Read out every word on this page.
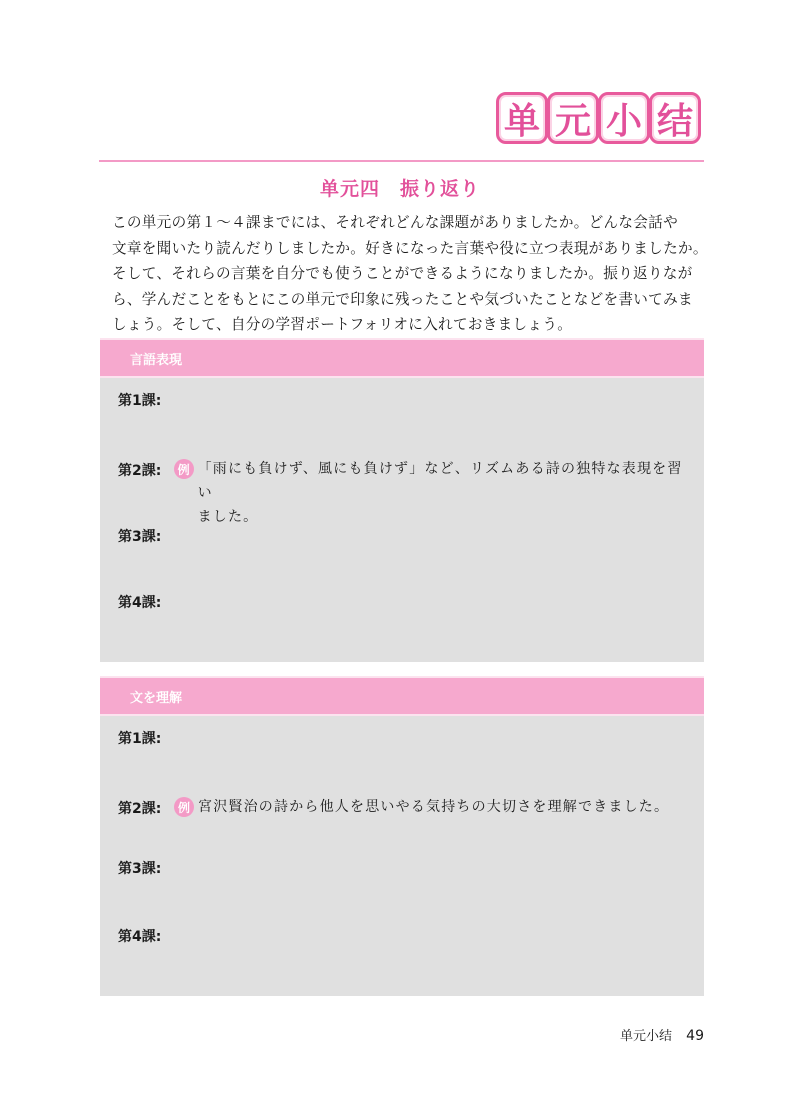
单 元 小 结
单元四　振り返り

この単元の第１～４課までには、それぞれどんな課題がありましたか。どんな会話や

文章を聞いたり読んだりしましたか。好きになった言葉や役に立つ表現がありましたか。

そして、それらの言葉を自分でも使うことができるようになりましたか。振り返りなが

ら、学んだことをもとにこの単元で印象に残ったことや気づいたことなどを書いてみま

しょう。そして、自分の学習ポートフォリオに入れておきましょう。

言語表現
第1課:
第2課:	例 「雨にも負けず、風にも負けず」など、リズムある詩の独特な表現を習い
ました。
第3課:
第4課:
文を理解
第1課:
第2課:	例 宮沢賢治の詩から他人を思いやる気持ちの大切さを理解できました。
第3課:
第4課:
单元小结 49
